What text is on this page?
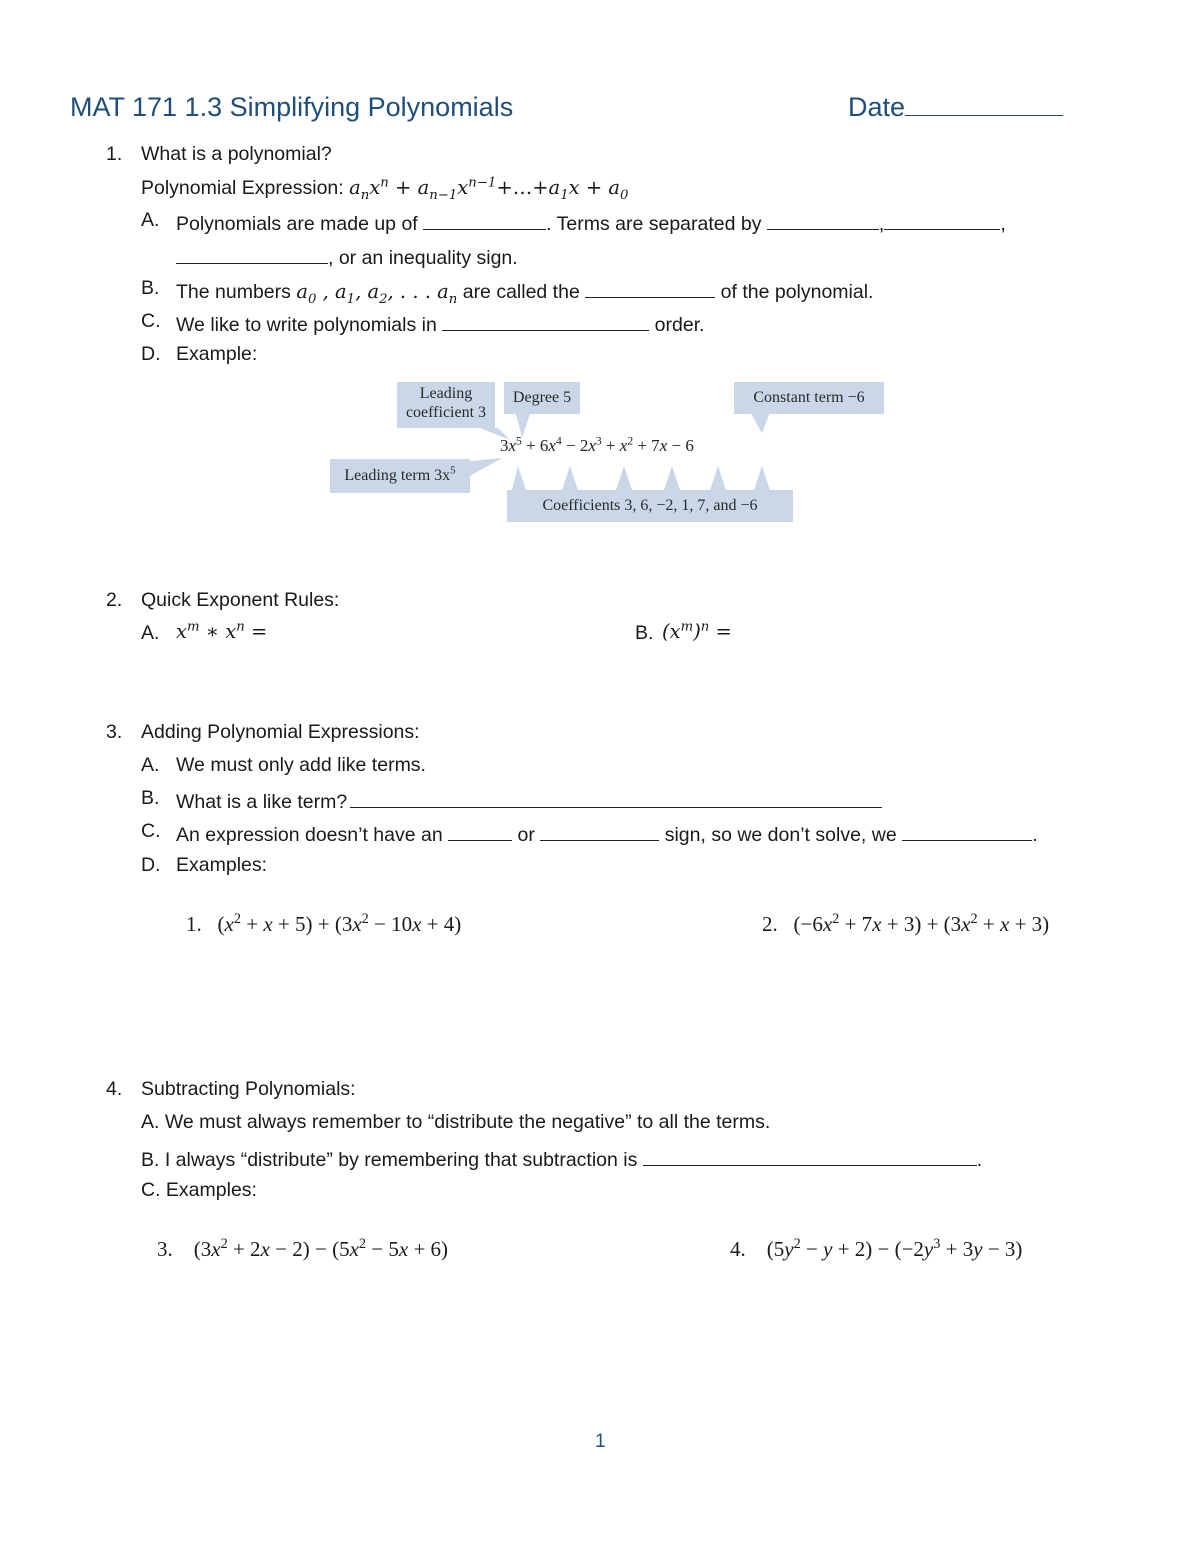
MAT 171 1.3 Simplifying Polynomials	Date
1. What is a polynomial?
Polynomial Expression: $a_nx^n$ + $a_{n-1}x^{n-1}+\dots+a_1x + a_0$
A. Polynomials are made up of	. Terms are separated by	,	,
, or an inequality sign.
B. The numbers $a_0$ , $a_1$, $a_2$, . . . $a_n$ are called the	of the polynomial.
C. We like to write polynomials in	order.
D. Example:
Leading
coefficient 3
Degree 5	Constant term −6
Leading term $3x^5$
Coefficients 3, 6, −2, 1, 7, and −6
$3x^5 + 6x^4 - 2x^3 + x^2 + 7x - 6$
2. Quick Exponent Rules:
A. $x^m$ ∗ $x^n$ =	B. $(x^m)^n$ =
3. Adding Polynomial Expressions:
A. We must only add like terms.
B. What is a like term?
C. An expression doesn’t have an	or	sign, so we don’t solve, we	.
D. Examples:
1.   $(x^2 + x + 5) + (3x^2 - 10x + 4)$	2.   $(-6x^2 + 7x + 3) + (3x^2 + x + 3)$
4. Subtracting Polynomials:
A. We must always remember to “distribute the negative” to all the terms.
B. I always “distribute” by remembering that subtraction is	.
C. Examples:
3.    $(3x^2 + 2x - 2) - (5x^2 - 5x + 6)$	4.    $(5y^2 - y + 2) - (-2y^3 + 3y - 3)$
1
